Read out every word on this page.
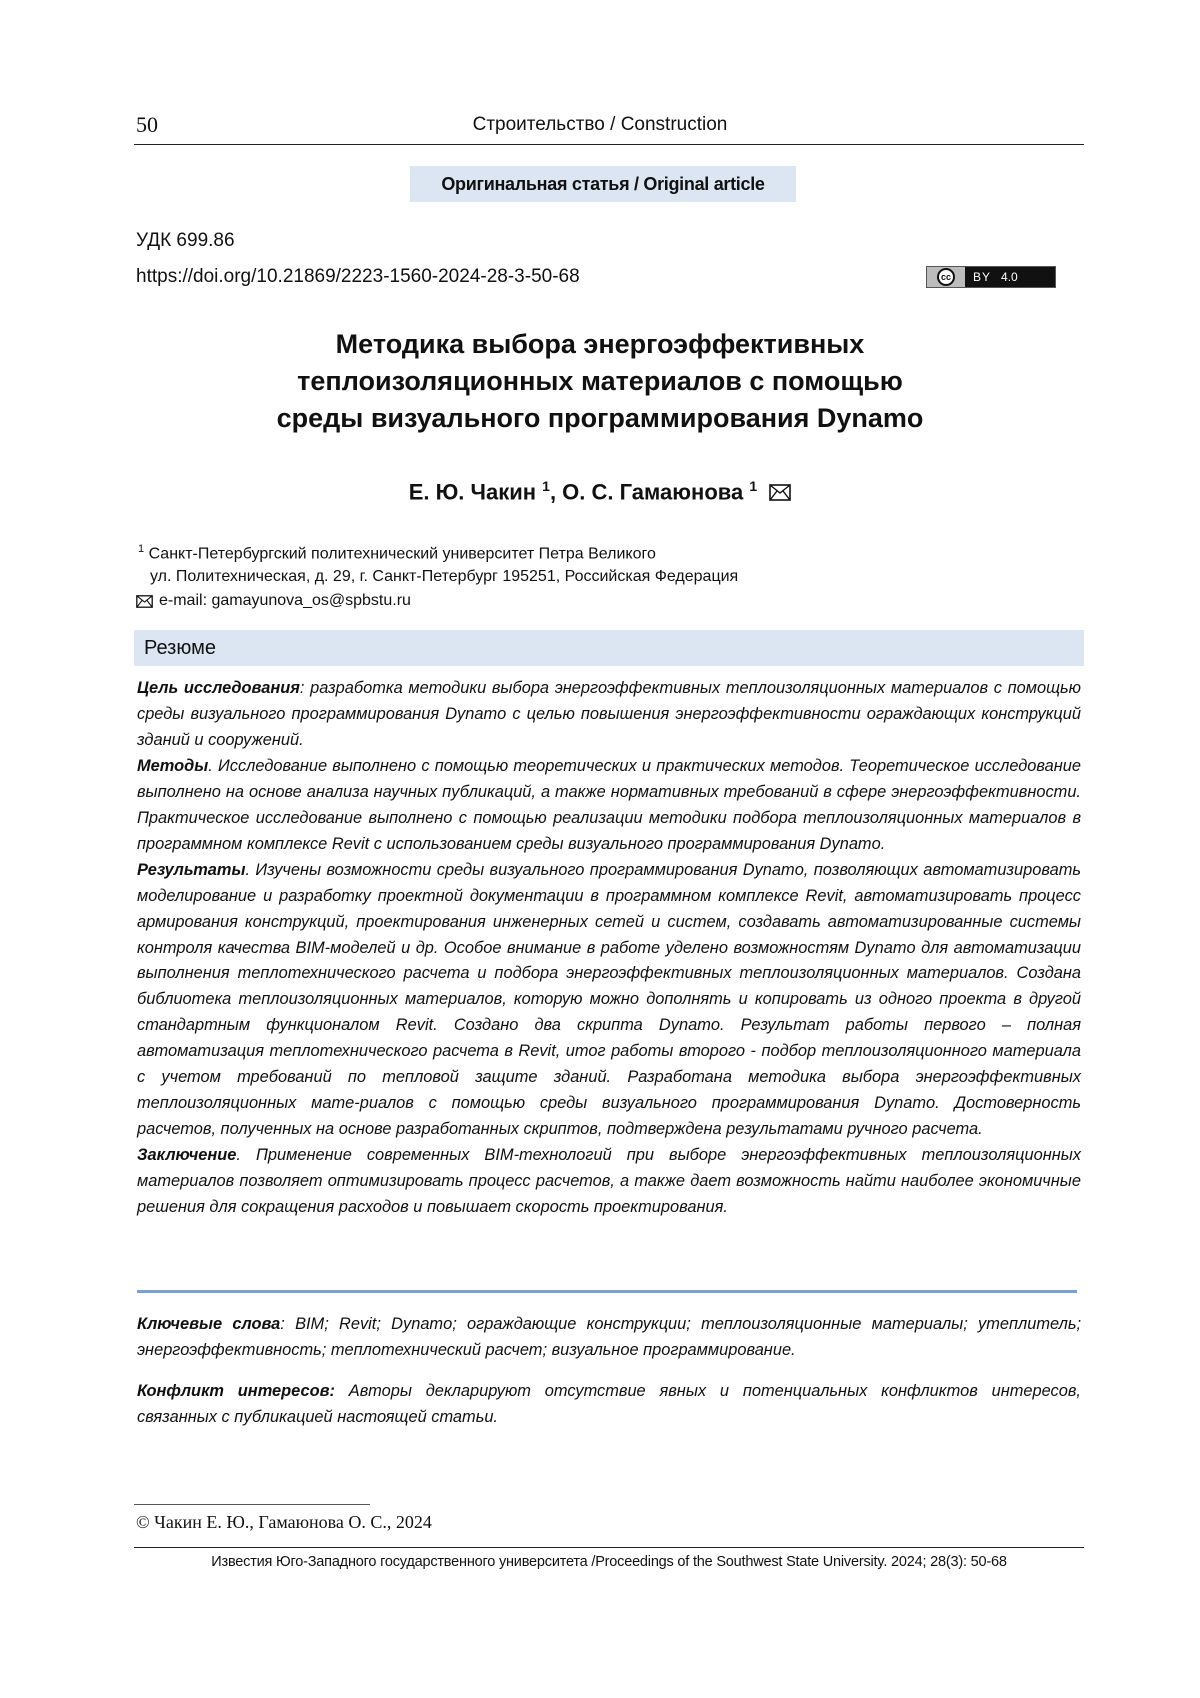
50	Строительство / Construction
Оригинальная статья / Original article
УДК 699.86
https://doi.org/10.21869/2223-1560-2024-28-3-50-68	cc	BY 4.0
Методика выбора энергоэффективных
теплоизоляционных материалов с помощью
среды визуального программирования Dynamo
Е. Ю. Чакин $^1$, О. С. Гамаюнова $^1$
$^1$ Санкт-Петербургский политехнический университет Петра Великого
ул. Политехническая, д. 29, г. Санкт-Петербург 195251, Российская Федерация
e-mail: gamayunova_os@spbstu.ru
Резюме

Цель исследования: разработка методики выбора энергоэффективных теплоизоляционных материалов с помощью среды визуального программирования Dynamo с целью повышения энергоэффективности ограждающих конструкций зданий и сооружений.

Методы. Исследование выполнено с помощью теоретических и практических методов. Теоретическое исследование выполнено на основе анализа научных публикаций, а также нормативных требований в сфере энергоэффективности. Практическое исследование выполнено с помощью реализации методики подбора теплоизоляционных материалов в программном комплексе Revit с использованием среды визуального программирования Dynamo.

Результаты. Изучены возможности среды визуального программирования Dynamo, позволяющих автоматизировать моделирование и разработку проектной документации в программном комплексе Revit, автоматизировать процесс армирования конструкций, проектирования инженерных сетей и систем, создавать автоматизированные системы контроля качества BIM-моделей и др. Особое внимание в работе уделено возможностям Dynamo для автоматизации выполнения теплотехнического расчета и подбора энергоэффективных теплоизоляционных материалов. Создана библиотека теплоизоляционных материалов, которую можно дополнять и копировать из одного проекта в другой стандартным функционалом Revit. Создано два скрипта Dynamo. Результат работы первого – полная автоматизация теплотехнического расчета в Revit, итог работы второго - подбор теплоизоляционного материала с учетом требований по тепловой защите зданий. Разработана методика выбора энергоэффективных теплоизоляционных мате-риалов с помощью среды визуального программирования Dynamo. Достоверность расчетов, полученных на основе разработанных скриптов, подтверждена результатами ручного расчета.

Заключение. Применение современных BIM-технологий при выборе энергоэффективных теплоизоляционных материалов позволяет оптимизировать процесс расчетов, а также дает возможность найти наиболее экономичные решения для сокращения расходов и повышает скорость проектирования.

Ключевые слова: BIM; Revit; Dynamo; ограждающие конструкции; теплоизоляционные материалы; утеплитель; энергоэффективность; теплотехнический расчет; визуальное программирование.

Конфликт интересов: Авторы декларируют отсутствие явных и потенциальных конфликтов интересов, связанных с публикацией настоящей статьи.

© Чакин Е. Ю., Гамаюнова О. С., 2024
Известия Юго-Западного государственного университета /Proceedings of the Southwest State University. 2024; 28(3): 50-68
